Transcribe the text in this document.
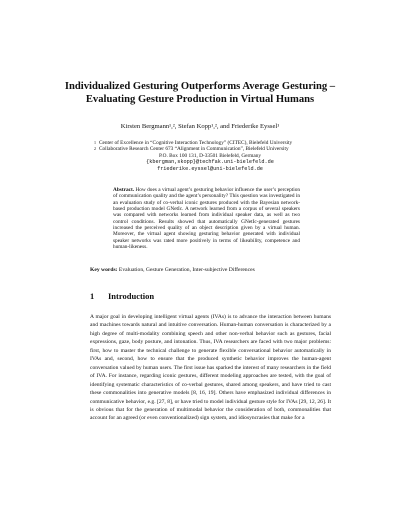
Individualized Gesturing Outperforms Average Gesturing –
Evaluating Gesture Production in Virtual Humans
Kirsten Bergmann¹,², Stefan Kopp¹,², and Friederike Eyssel¹
1 Center of Excellence in “Cognitive Interaction Technology” (CITEC), Bielefeld University
2 Collaborative Research Center 673 “Alignment in Communication”, Bielefeld University
P.O. Box 100 131, D-33501 Bielefeld, Germany
{kbergman,skopp}@techfak.uni-bielefeld.de
friederike.eyssel@uni-bielefeld.de
Abstract. How does a virtual agent’s gesturing behavior influence the user’s perception of communication quality and the agent’s personality? This question was investigated in an evaluation study of co-verbal iconic gestures produced with the Bayesian network-based production model GNetIc. A network learned from a corpus of several speakers was compared with networks learned from individual speaker data, as well as two control conditions. Results showed that automatically GNetIc-generated gestures increased the perceived quality of an object description given by a virtual human. Moreover, the virtual agent showing gesturing behavior generated with individual speaker networks was rated more positively in terms of likeability, competence and human-likeness.
Key words: Evaluation, Gesture Generation, Inter-subjective Differences
1 Introduction
A major goal in developing intelligent virtual agents (IVAs) is to advance the interaction between humans and machines towards natural and intuitive conversation. Human-human conversation is characterized by a high degree of multi-modality combining speech and other non-verbal behavior such as gestures, facial expressions, gaze, body posture, and intonation. Thus, IVA researchers are faced with two major problems: first, how to master the technical challenge to generate flexible conversational behavior automatically in IVAs and, second, how to ensure that the produced synthetic behavior improves the human-agent conversation valued by human users. The first issue has sparked the interest of many researchers in the field of IVA. For instance, regarding iconic gestures, different modeling approaches are tested, with the goal of identifying systematic characteristics of co-verbal gestures, shared among speakers, and have tried to cast these commonalities into generative models [8, 16, 19]. Others have emphasized individual differences in communicative behavior, e.g. [27, 8], or have tried to model individual gesture style for IVAs [29, 12, 26]. It is obvious that for the generation of multimodal behavior the consideration of both, commonalities that account for an agreed (or even conventionalized) sign system, and idiosyncrasies that make for a
